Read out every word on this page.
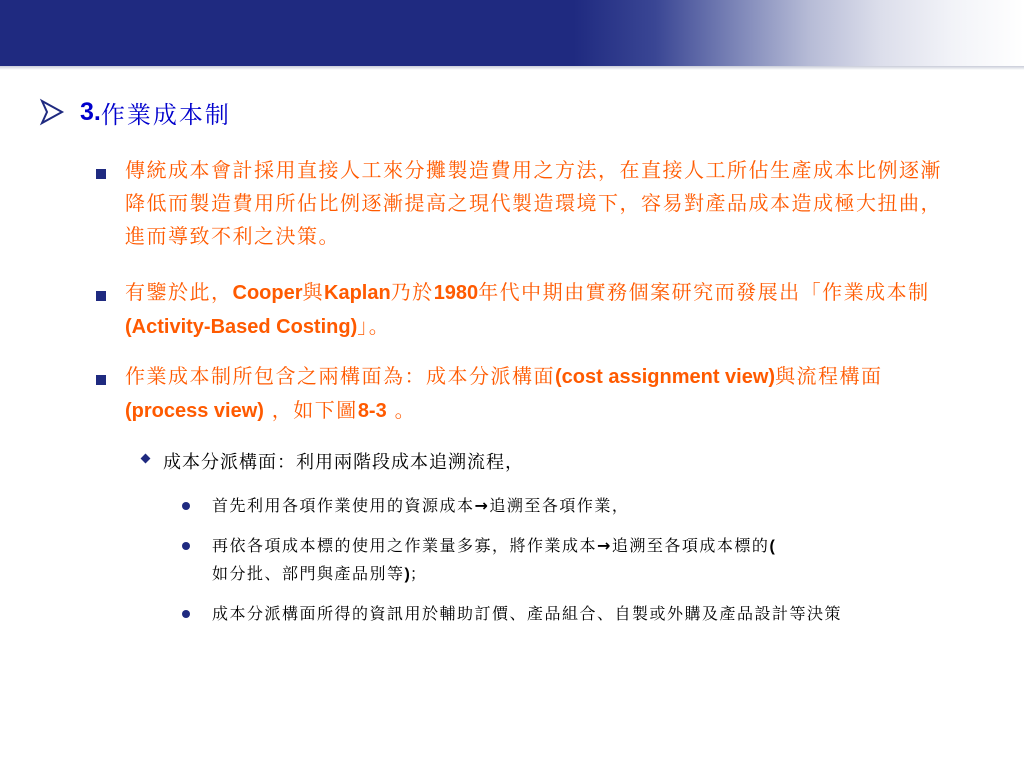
3. 作業成本制
傳統成本會計採用直接人工來分攤製造費用之方法，在直接人工所佔生產成本比例逐漸降低而製造費用所佔比例逐漸提高之現代製造環境下，容易對產品成本造成極大扭曲，進而導致不利之決策。
有鑒於此，Cooper與Kaplan乃於1980年代中期由實務個案研究而發展出「作業成本制(Activity-Based Costing)」。
作業成本制所包含之兩構面為：成本分派構面(cost assignment view)與流程構面(process view) ，如下圖8-3 。
成本分派構面：利用兩階段成本追溯流程，
首先利用各項作業使用的資源成本→追溯至各項作業，
再依各項成本標的使用之作業量多寡，將作業成本→追溯至各項成本標的(
如分批、部門與產品別等)；
成本分派構面所得的資訊用於輔助訂價、產品組合、自製或外購及產品設計等決策
